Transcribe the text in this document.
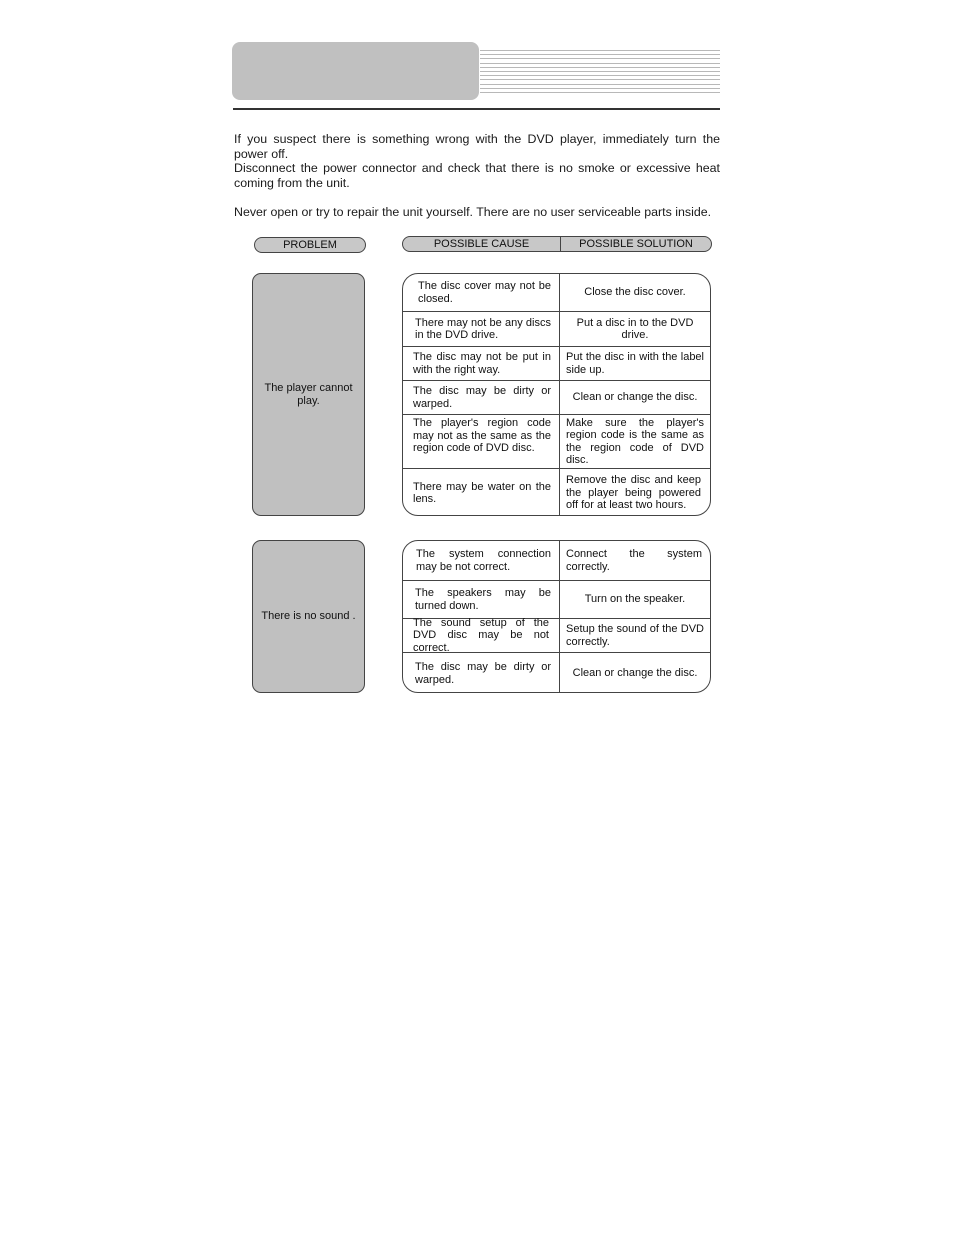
If you suspect there is something wrong with the DVD player, immediately turn the power off.

Disconnect the power connector and check that there is no smoke or excessive heat coming from the unit.

Never open or try to repair the unit yourself. There are no user serviceable parts inside.

PROBLEM	POSSIBLE CAUSE	POSSIBLE SOLUTION
The player cannot play.
The disc cover may not be closed.
Close the disc cover.
There may not be any discs in the DVD drive.
Put a disc in to the DVD drive.
The disc may not be put in with the right way.
Put the disc in with the label side up.
The disc may be dirty or warped.
Clean or change the disc.
The player's region code may not as the same as the region code of DVD disc.
Make sure the player's region code is the same as the region code of DVD disc.
There may be water on the lens.
Remove the disc and keep the player being powered off for at least two hours.
There is no sound .
The system connection may be not correct.
Connect the system correctly.
The speakers may be turned down.
Turn on the speaker.
The sound setup of the DVD disc may be not correct.
Setup the sound of the DVD correctly.
The disc may be dirty or warped.
Clean or change the disc.
